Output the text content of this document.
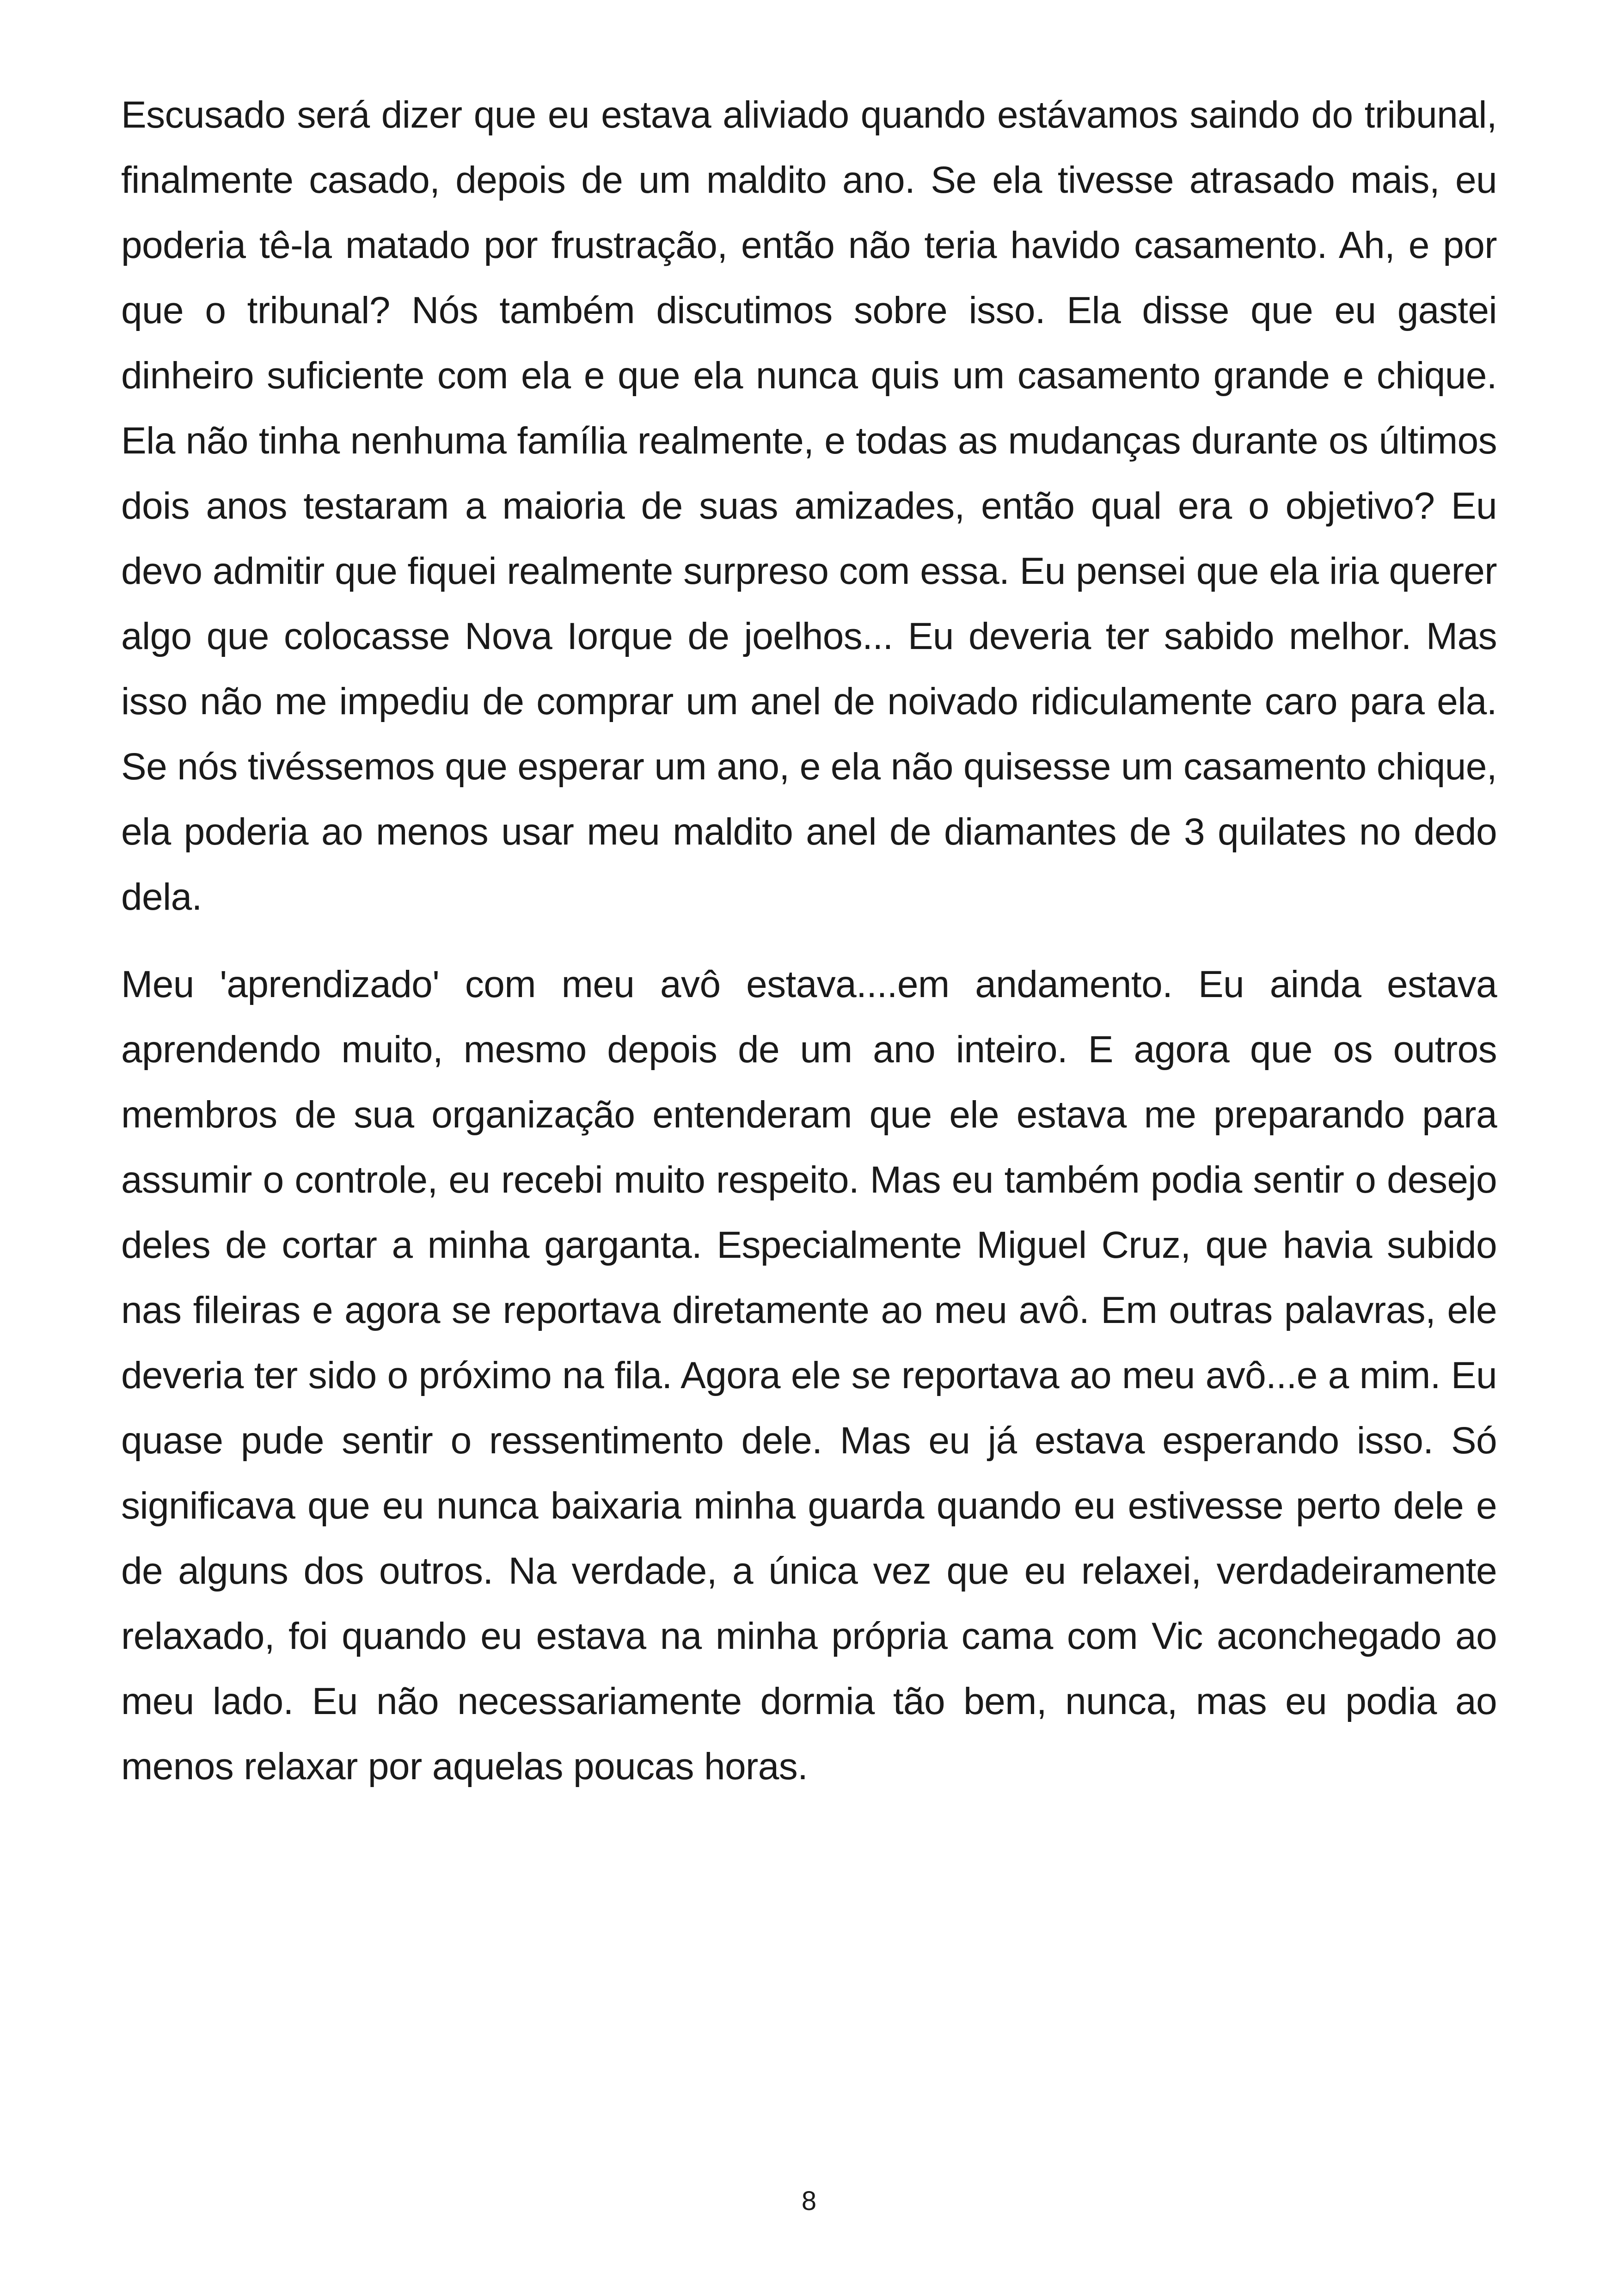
Escusado será dizer que eu estava aliviado quando estávamos saindo do tribunal, finalmente casado, depois de um maldito ano. Se ela tivesse atrasado mais, eu poderia tê-la matado por frustração, então não teria havido casamento. Ah, e por que o tribunal? Nós também discutimos sobre isso. Ela disse que eu gastei dinheiro suficiente com ela e que ela nunca quis um casamento grande e chique. Ela não tinha nenhuma família realmente, e todas as mudanças durante os últimos dois anos testaram a maioria de suas amizades, então qual era o objetivo? Eu devo admitir que fiquei realmente surpreso com essa. Eu pensei que ela iria querer algo que colocasse Nova Iorque de joelhos... Eu deveria ter sabido melhor. Mas isso não me impediu de comprar um anel de noivado ridiculamente caro para ela. Se nós tivéssemos que esperar um ano, e ela não quisesse um casamento chique, ela poderia ao menos usar meu maldito anel de diamantes de 3 quilates no dedo dela.

Meu 'aprendizado' com meu avô estava....em andamento. Eu ainda estava aprendendo muito, mesmo depois de um ano inteiro. E agora que os outros membros de sua organização entenderam que ele estava me preparando para assumir o controle, eu recebi muito respeito. Mas eu também podia sentir o desejo deles de cortar a minha garganta. Especialmente Miguel Cruz, que havia subido nas fileiras e agora se reportava diretamente ao meu avô. Em outras palavras, ele deveria ter sido o próximo na fila. Agora ele se reportava ao meu avô...e a mim. Eu quase pude sentir o ressentimento dele. Mas eu já estava esperando isso. Só significava que eu nunca baixaria minha guarda quando eu estivesse perto dele e de alguns dos outros. Na verdade, a única vez que eu relaxei, verdadeiramente relaxado, foi quando eu estava na minha própria cama com Vic aconchegado ao meu lado. Eu não necessariamente dormia tão bem, nunca, mas eu podia ao menos relaxar por aquelas poucas horas.

8
